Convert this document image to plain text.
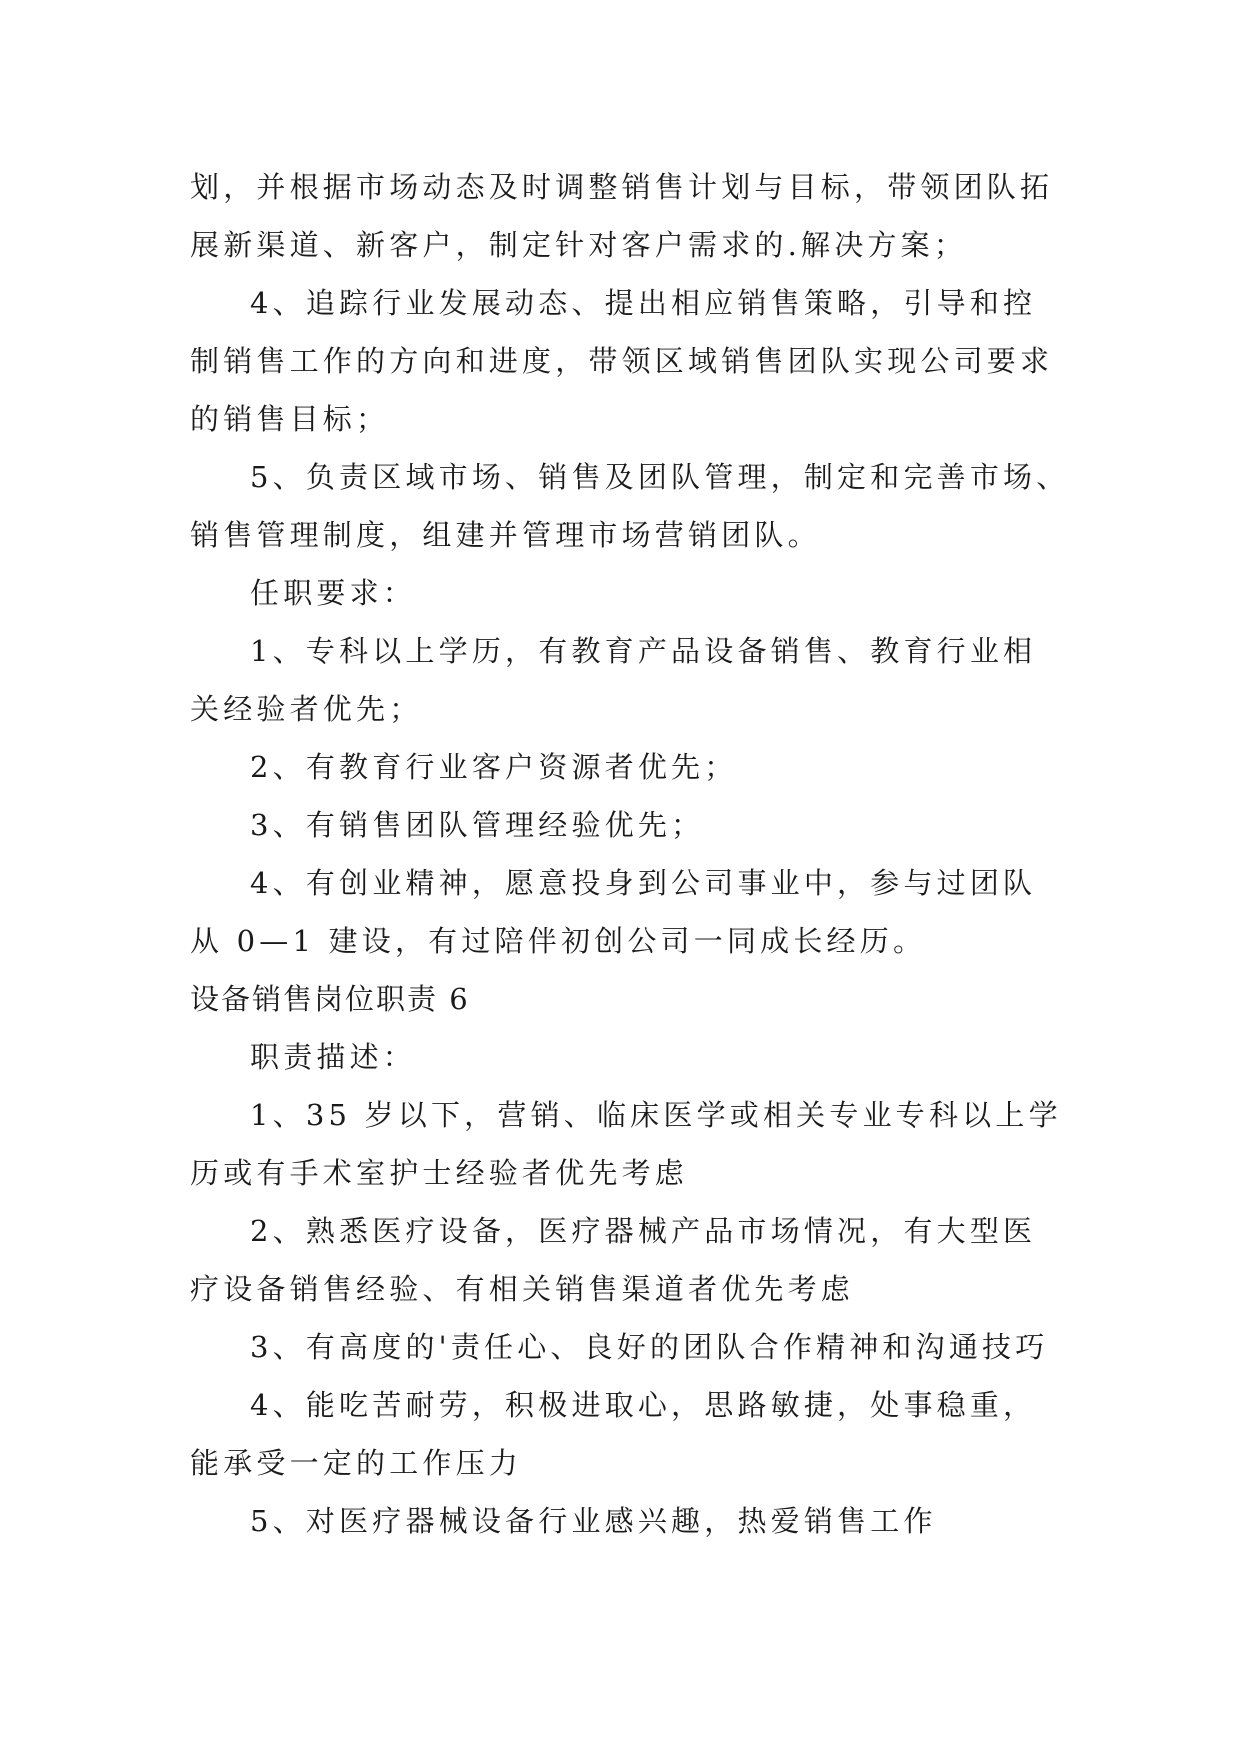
划，并根据市场动态及时调整销售计划与目标，带领团队拓
展新渠道、新客户，制定针对客户需求的.解决方案；
4、追踪行业发展动态、提出相应销售策略，引导和控
制销售工作的方向和进度，带领区域销售团队实现公司要求
的销售目标；
5、负责区域市场、销售及团队管理，制定和完善市场、
销售管理制度，组建并管理市场营销团队。
任职要求：
1、专科以上学历，有教育产品设备销售、教育行业相
关经验者优先；
2、有教育行业客户资源者优先；
3、有销售团队管理经验优先；
4、有创业精神，愿意投身到公司事业中，参与过团队
从 0—1 建设，有过陪伴初创公司一同成长经历。
设备销售岗位职责 6
职责描述：
1、35 岁以下，营销、临床医学或相关专业专科以上学
历或有手术室护士经验者优先考虑
2、熟悉医疗设备，医疗器械产品市场情况，有大型医
疗设备销售经验、有相关销售渠道者优先考虑
3、有高度的'责任心、良好的团队合作精神和沟通技巧
4、能吃苦耐劳，积极进取心，思路敏捷，处事稳重，
能承受一定的工作压力
5、对医疗器械设备行业感兴趣，热爱销售工作
